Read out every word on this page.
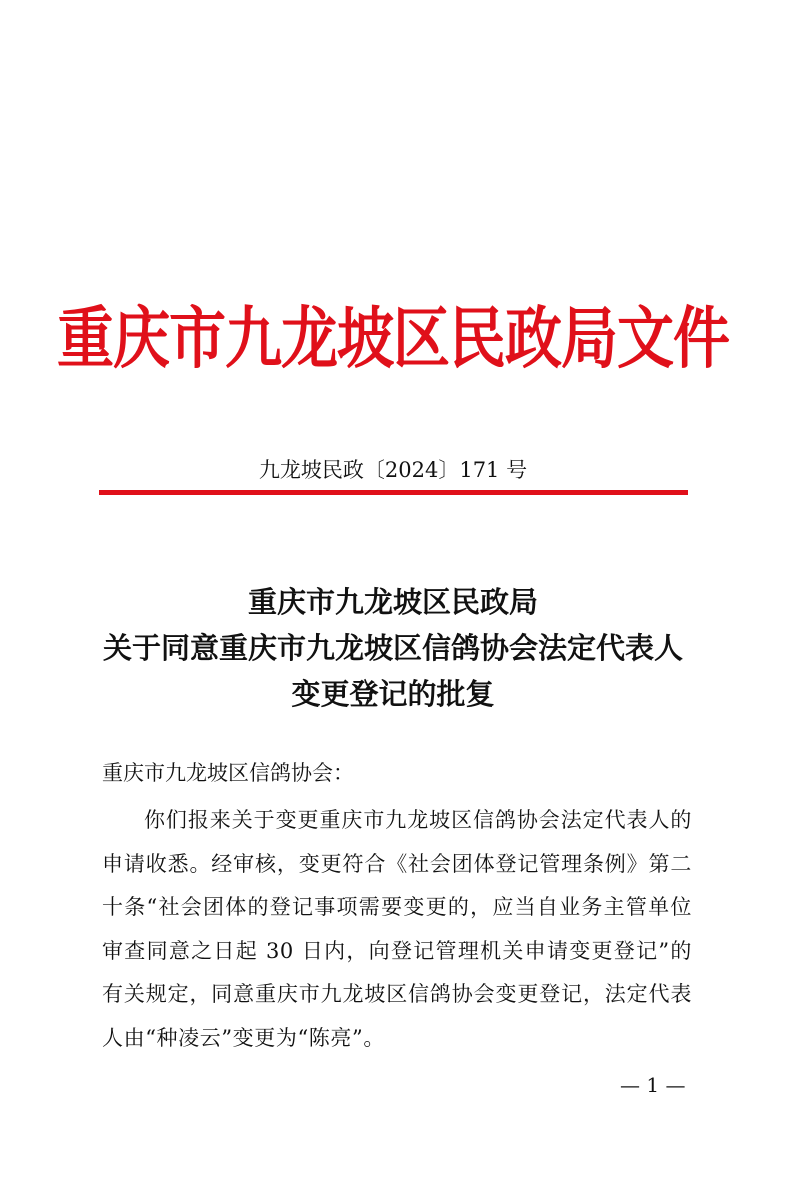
重庆市九龙坡区民政局文件
九龙坡民政〔2024〕171 号
重庆市九龙坡区民政局
关于同意重庆市九龙坡区信鸽协会法定代表人
变更登记的批复
重庆市九龙坡区信鸽协会：
你们报来关于变更重庆市九龙坡区信鸽协会法定代表人的申请收悉。经审核，变更符合《社会团体登记管理条例》第二十条“社会团体的登记事项需要变更的，应当自业务主管单位审查同意之日起 30 日内，向登记管理机关申请变更登记”的有关规定，同意重庆市九龙坡区信鸽协会变更登记，法定代表人由“种凌云”变更为“陈亮”。
— 1 —
